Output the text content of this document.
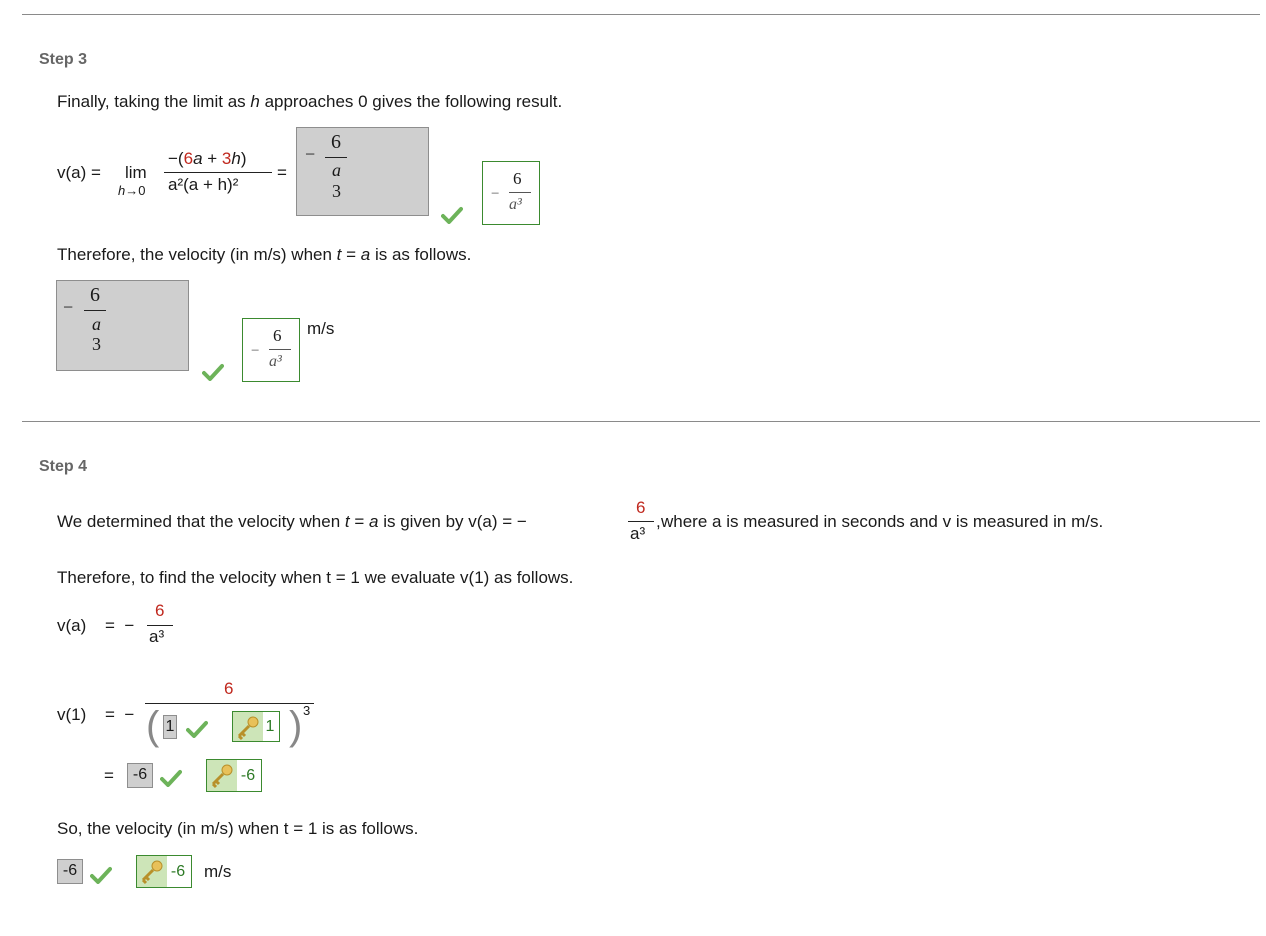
Step 3
Finally, taking the limit as h approaches 0 gives the following result.
v(a) = lim
h→0
−(6a + 3h)
a²(a + h)²
=
−
6
a
3	−
6
a³
Therefore, the velocity (in m/s) when t = a is as follows.
−
6
a
3	−
6
a³
m/s
Step 4
We determined that the velocity when t = a is given by v(a) = −
6
a³
, where a is measured in seconds and v is measured in m/s.
Therefore, to find the velocity when t = 1 we evaluate v(1) as follows.
v(a) =  −
6
a³
v(1) =  −
6
( 1	1 ) 3
=	-6	-6
So, the velocity (in m/s) when t = 1 is as follows.
-6	-6	m/s
